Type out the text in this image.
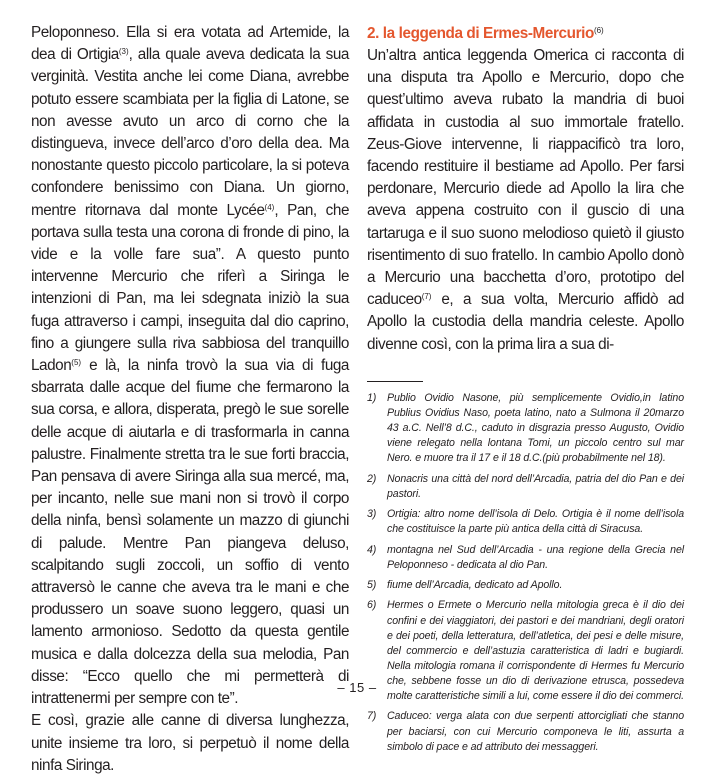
Peloponneso. Ella si era votata ad Artemide, la dea di Ortigia$^{(3)}$, alla quale aveva dedicata la sua verginità. Vestita anche lei come Diana, avrebbe potuto essere scambiata per la figlia di Latone, se non avesse avuto un arco di corno che la distingueva, invece dell’arco d’oro della dea. Ma nonostante questo piccolo particolare, la si poteva confondere benissimo con Diana. Un giorno, mentre ritornava dal monte Lycée$^{(4)}$, Pan, che portava sulla testa una corona di fronde di pino, la vide e la volle fare sua”. A questo punto intervenne Mercurio che riferì a Siringa le intenzioni di Pan, ma lei sdegnata iniziò la sua fuga attraverso i campi, inseguita dal dio caprino, fino a giungere sulla riva sabbiosa del tranquillo Ladon$^{(5)}$ e là, la ninfa trovò la sua via di fuga sbarrata dalle acque del fiume che fermarono la sua corsa, e allora, disperata, pregò le sue sorelle delle acque di aiutarla e di trasformarla in canna palustre. Finalmente stretta tra le sue forti braccia, Pan pensava di avere Siringa alla sua mercé, ma, per incanto, nelle sue mani non si trovò il corpo della ninfa, bensì solamente un mazzo di giunchi di palude. Mentre Pan piangeva deluso, scalpitando sugli zoccoli, un soffio di vento attraversò le canne che aveva tra le mani e che produssero un soave suono leggero, quasi un lamento armonioso. Sedotto da questa gentile musica e dalla dolcezza della sua melodia, Pan disse: “Ecco quello che mi permetterà di intrattenermi per sempre con te”.

E così, grazie alle canne di diversa lunghezza, unite insieme tra loro, si perpetuò il nome della ninfa Siringa.

2. la leggenda di Ermes-Mercurio$^{(6)}$

Un’altra antica leggenda Omerica ci racconta di una disputa tra Apollo e Mercurio, dopo che quest’ultimo aveva rubato la mandria di buoi affidata in custodia al suo immortale fratello. Zeus-Giove intervenne, li riappacificò tra loro, facendo restituire il bestiame ad Apollo. Per farsi perdonare, Mercurio diede ad Apollo la lira che aveva appena costruito con il guscio di una tartaruga e il suo suono melodioso quietò il giusto risentimento di suo fratello. In cambio Apollo donò a Mercurio una bacchetta d’oro, prototipo del caduceo$^{(7)}$ e, a sua volta, Mercurio affidò ad Apollo la custodia della mandria celeste. Apollo divenne così, con la prima lira a sua di-

1) Publio Ovidio Nasone, più semplicemente Ovidio,in latino Publius Ovidius Naso, poeta latino, nato a Sulmona il 20marzo 43 a.C. Nell’8 d.C., caduto in disgrazia presso Augusto, Ovidio viene relegato nella lontana Tomi, un piccolo centro sul mar Nero. e muore tra il 17 e il 18 d.C.(più probabilmente nel 18).
2) Nonacris una città del nord dell’Arcadia, patria del dio Pan e dei pastori.
3) Ortigia: altro nome dell’isola di Delo. Ortigia è il nome dell’isola che costituisce la parte più antica della città di Siracusa.
4) montagna nel Sud dell’Arcadia - una regione della Grecia nel Peloponneso - dedicata al dio Pan.
5) fiume dell’Arcadia, dedicato ad Apollo.
6) Hermes o Ermete o Mercurio nella mitologia greca è il dio dei confini e dei viaggiatori, dei pastori e dei mandriani, degli oratori e dei poeti, della letteratura, dell’atletica, dei pesi e delle misure, del commercio e dell’astuzia caratteristica di ladri e bugiardi. Nella mitologia romana il corrispondente di Hermes fu Mercurio che, sebbene fosse un dio di derivazione etrusca, possedeva molte caratteristiche simili a lui, come essere il dio dei commerci.
7) Caduceo: verga alata con due serpenti attorcigliati che stanno per baciarsi, con cui Mercurio componeva le liti, assurta a simbolo di pace e ad attributo dei messaggeri.
– 15 –
